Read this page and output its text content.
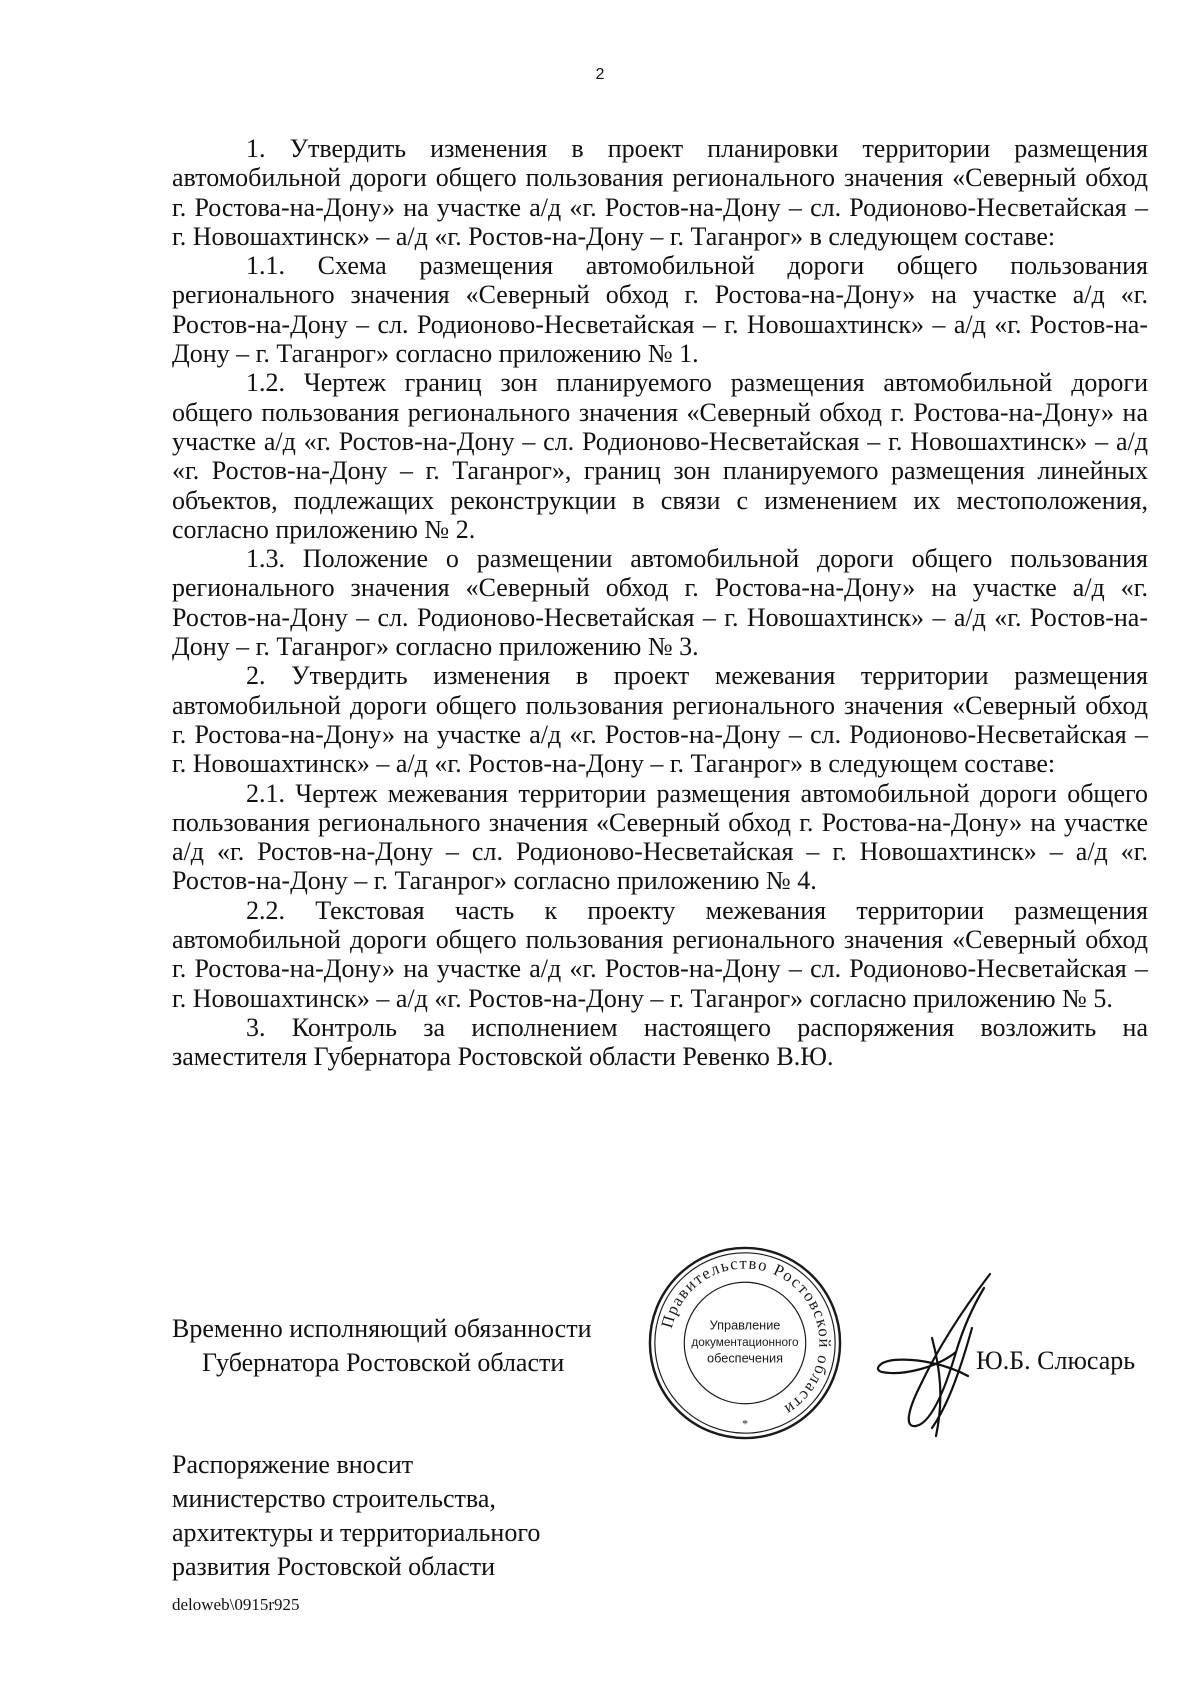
2

1. Утвердить изменения в проект планировки территории размещения автомобильной дороги общего пользования регионального значения «Северный обход г. Ростова-на-Дону» на участке а/д «г. Ростов-на-Дону – сл. Родионово-Несветайская – г. Новошахтинск» – а/д «г. Ростов-на-Дону – г. Таганрог» в следующем составе:

1.1. Схема размещения автомобильной дороги общего пользования регионального значения «Северный обход г. Ростова-на-Дону» на участке а/д «г. Ростов-на-Дону – сл. Родионово-Несветайская – г. Новошахтинск» – а/д «г. Ростов-на-Дону – г. Таганрог» согласно приложению № 1.

1.2. Чертеж границ зон планируемого размещения автомобильной дороги общего пользования регионального значения «Северный обход г. Ростова-на-Дону» на участке а/д «г. Ростов-на-Дону – сл. Родионово-Несветайская – г. Новошахтинск» – а/д «г. Ростов-на-Дону – г. Таганрог», границ зон планируемого размещения линейных объектов, подлежащих реконструкции в связи с изменением их местоположения, согласно приложению № 2.

1.3. Положение о размещении автомобильной дороги общего пользования регионального значения «Северный обход г. Ростова-на-Дону» на участке а/д «г. Ростов-на-Дону – сл. Родионово-Несветайская – г. Новошахтинск» – а/д «г. Ростов-на-Дону – г. Таганрог» согласно приложению № 3.

2. Утвердить изменения в проект межевания территории размещения автомобильной дороги общего пользования регионального значения «Северный обход г. Ростова-на-Дону» на участке а/д «г. Ростов-на-Дону – сл. Родионово-Несветайская – г. Новошахтинск» – а/д «г. Ростов-на-Дону – г. Таганрог» в следующем составе:

2.1. Чертеж межевания территории размещения автомобильной дороги общего пользования регионального значения «Северный обход г. Ростова-на-Дону» на участке а/д «г. Ростов-на-Дону – сл. Родионово-Несветайская – г. Новошахтинск» – а/д «г. Ростов-на-Дону – г. Таганрог» согласно приложению № 4.

2.2. Текстовая часть к проекту межевания территории размещения автомобильной дороги общего пользования регионального значения «Северный обход г. Ростова-на-Дону» на участке а/д «г. Ростов-на-Дону – сл. Родионово-Несветайская – г. Новошахтинск» – а/д «г. Ростов-на-Дону – г. Таганрог» согласно приложению № 5.

3. Контроль за исполнением настоящего распоряжения возложить на заместителя Губернатора Ростовской области Ревенко В.Ю.

Временно исполняющий обязанности
Губернатора Ростовской области
Правительство Ростовской области
Управление
документационного
обеспечения
*
Ю.Б. Слюсарь
Распоряжение вносит
министерство строительства,
архитектуры и территориального
развития Ростовской области
deloweb\0915r925
